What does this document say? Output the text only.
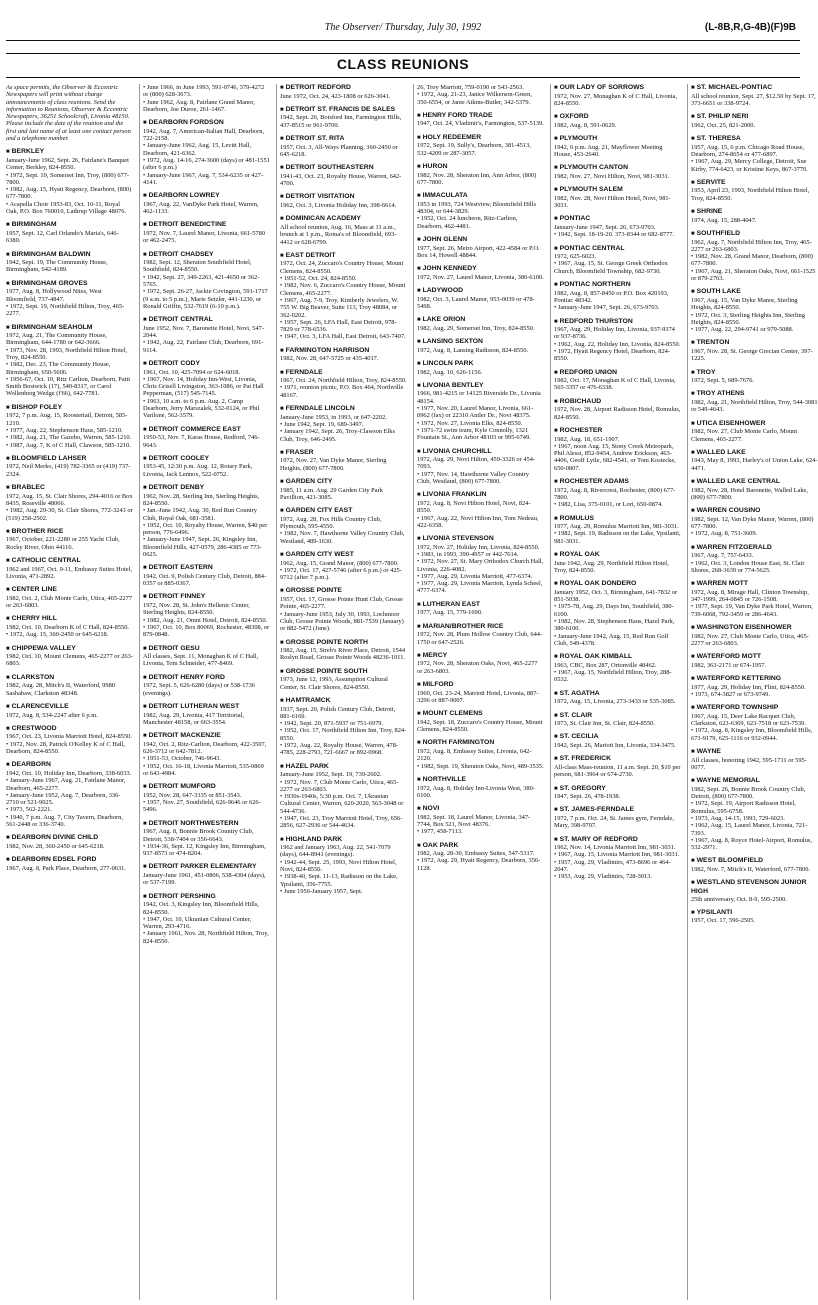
The Observer/ Thursday, July 30, 1992	(L-8B,R,G-4B)(F)9B
CLASS REUNIONS
As space permits, the Observer & Eccentric Newspapers will print without charge announcements of class reunions. Send the information to Reunions, Observer & Eccentric Newspapers, 36251 Schoolcraft, Livonia 48150. Please include the date of the reunion and the first and last name of at least one contact person and a telephone number.
■ BERKLEY
January-June 1962, Sept. 26, Fairlane's Banquet Center, Berkley, 824-8550.
• 1972, Sept. 19, Somerset Inn, Troy, (800) 677-7800.
• 1982, Aug. 15, Hyatt Regency, Dearborn, (800) 677-7800.
• Acapella Choir 1953-83, Oct. 10-11, Royal Oak, P.O. Box 760010, Lathrup Village 48076.
■ BIRMINGHAM
1957, Sept. 12, Carl Orlando's Maria's, 646-6380.
■ BIRMINGHAM BALDWIN
1942, Sept. 19, The Community House, Birmingham, 642-4189.
■ BIRMINGHAM GROVES
1977, Aug. 8, Hollywood Nites, West Bloomfield, 737-4847.
• 1972, Sept. 19, Northfield Hilton, Troy, 465-2277.
■ BIRMINGHAM SEAHOLM
1972, Aug. 21, The Community House, Birmingham, 644-1780 or 642-3666.
• 1973, Nov. 28, 1993, Northfield Hilton Hotel, Troy, 824-8550.
• 1982, Dec. 23, The Community House, Birmingham, 650-5606.
• 1956-67, Oct. 10, Ritz Carlton, Dearborn, Patti Smith Bostwick (17), 540-8317, or Carol Wollenberg Wedge (f'66), 642-7781.
■ BISHOP FOLEY
1972, 7 p.m. Aug. 15, Roostertail, Detroit, 585-1210.
• 1977, Aug. 22, Stephenson Haus, 585-1210.
• 1982, Aug. 21, The Gazebo, Warren, 585-1210.
• 1987, Aug. 7, K of C Hall, Clawson, 585-1210.
■ BLOOMFIELD LAHSER
1972, Neil Merko, (419) 782-3365 or (419) 737-2324.
■ BRABLEC
1972, Aug. 15, St. Clair Shores, 294-4016 or Box 8435, Roseville 48066.
• 1982, Aug. 29-30, St. Clair Shores, 772-3243 or (519) 258-2502.
■ BROTHER RICE
1967, October, 221-2280 or 255 Yacht Club, Rocky River, Ohio 44116.
■ CATHOLIC CENTRAL
1962 and 1967, Oct. 9-11, Embassy Suites Hotel, Livonia, 471-2892.
■ CENTER LINE
1982, Oct. 2, Club Monte Carlo, Utica, 465-2277 or 263-6803.
■ CHERRY HILL
1982, Oct. 10, Dearborn K of C Hall, 824-8550.
• 1972, Aug. 15, 360-2450 or 645-6218.
■ CHIPPEWA VALLEY
1982, Oct. 10, Mount Clemens, 465-2277 or 263-6803.
■ CLARKSTON
1982, Aug. 28, Mitch's II, Waterford, 9980 Sashabaw, Clarkston 48348.
■ CLARENCEVILLE
1972, Aug. 8, 534-2247 after 6 p.m.
■ CRESTWOOD
1967, Oct. 23, Livonia Marriott Hotel, 824-8550.
• 1972, Nov. 28, Patrick O'Kelley K of C Hall, Dearborn, 824-8550.
■ DEARBORN
1942, Oct. 10, Holiday Inn, Dearborn, 338-6033.
• January-June 1967, Aug. 21, Fairlane Manor, Dearborn, 465-2277.
• January-June 1952, Aug. 7, Dearborn, 336-2710 or 521-9025.
• 1973, 562-2221.
• 1940, 7 p.m. Aug. 7, City Tavern, Dearborn, 561-2448 or 336-3740.
■ DEARBORN DIVINE CHILD
1982, Nov. 28, 360-2450 or 645-6218.
■ DEARBORN EDSEL FORD
1967, Aug. 8, Park Place, Dearborn, 277-0631.
• June 1966, in June 1993, 591-0746, 379-4272 or (800) 628-3673.
• June 1962, Aug. 8, Fairlane Grand Manor, Dearborn, Joe Duroe, 261-1467.
■ DEARBORN FORDSON
1942, Aug. 7, American-Italian Hall, Dearborn, 722-2158.
• January-June 1962, Aug. 15, Levitt Hall, Dearborn, 421-6362.
• 1972, Aug. 14-16, 274-3600 (days) or 481-1551 (after 6 p.m.)
• January-June 1967, Aug. 7, 534-6235 or 427-4141.
■ DEARBORN LOWREY
1967, Aug. 22, VanDyke Park Hotel, Warren, 462-1133.
■ DETROIT BENEDICTINE
1972, Nov. 7, Laurel Manor, Livonia, 661-5780 or 462-2475.
■ DETROIT CHADSEY
1982, Sept. 12, Sheraton Southfield Hotel, Southfield, 824-8550.
• 1942, Sept. 27, 349-2263, 421-4650 or 362-5765.
• 1972, Sept. 26-27, Jackie Covington, 591-1717 (9 a.m. to 5 p.m.), Marie Setzler, 441-1230, or Ronald Griffin, 532-7619 (6-10 p.m.).
■ DETROIT CENTRAL
June 1952, Nov. 7, Baronette Hotel, Novi, 547-2044.
• 1942, Aug. 22, Fairlane Club, Dearborn, 691-9114.
■ DETROIT CODY
1961, Oct. 10, 425-7094 or 624-6018.
• 1967, Nov. 14, Holiday Inn-West, Livonia, Chris Grisell Livingston, 363-1086, or Pat Hall Pepperman, (517) 545-7145.
• 1963, 10 a.m. to 6 p.m. Aug. 2, Camp Dearborn, Jerry Marszalek, 532-0124, or Phil Varilone, 562-3579.
■ DETROIT COMMERCE EAST
1950-53, Nov. 7, Karas House, Redford, 746-9643.
■ DETROIT COOLEY
1953-45, 12:30 p.m. Aug. 12, Rotary Park, Livonia, Jack Lennox, 522-0752.
■ DETROIT DENBY
1962, Nov. 28, Sterling Inn, Sterling Heights, 824-8550.
• Jan.-June 1942, Aug. 30, Red Run Country Club, Royal Oak, 681-3581.
• 1952, Oct. 10, Royalty House, Warren, $40 per person, 776-6496.
• January-June 1947, Sept. 26, Kingsley Inn, Bloomfield Hills, 427-0579, 286-4385 or 773-0625.
■ DETROIT EASTERN
1942, Oct. 9, Polish Century Club, Detroit, 884-0357 or 885-0367.
■ DETROIT FINNEY
1972, Nov. 28, St. John's Hellenic Center, Sterling Heights, 824-8550.
• 1982, Aug. 21, Omni Hotel, Detroit, 824-8550.
• 1967, Oct. 10, Box 80069, Rochester, 48308, or 879-0848.
■ DETROIT GESU
All classes, Sept. 11, Monaghan K of C Hall, Livonia, Tom Schneider, 477-8469.
■ DETROIT HENRY FORD
1972, Sept. 5, 626-6280 (days) or 538-1736 (evenings).
■ DETROIT LUTHERAN WEST
1982, Aug. 29, Livonia, 417 Territorial, Manchester 48158, or 663-3554.
■ DETROIT MACKENZIE
1942, Oct. 2, Ritz-Carlton, Dearborn, 422-3507, 626-3712 or 642-7812.
• 1951-53, October, 746-9643.
• 1952, Oct. 16-18, Livonia Marriott, 535-0869 or 643-4984.
■ DETROIT MUMFORD
1952, Nov. 28, 647-3335 or 851-3543.
• 1957, Nov. 27, Southfield, 626-9646 or 626-5496.
■ DETROIT NORTHWESTERN
1967, Aug. 8, Bonnie Brook Country Club, Detroit, 538-7404 or 356-6643.
• 1934-36, Sept. 12, Kingsley Inn, Birmingham, 937-8573 or 474-8204.
■ DETROIT PARKER ELEMENTARY
January-June 1961, 451-0806, 538-4304 (days), or 537-7199.
■ DETROIT PERSHING
1942, Oct. 3, Kingsley Inn, Bloomfield Hills, 824-8550.
• 1947, Oct. 10, Ukranian Cultural Center, Warren, 293-4716.
• January 1961, Nov. 28, Northfield Hilton, Troy, 824-8550.
■ DETROIT REDFORD
June 1972, Oct. 24, 423-1808 or 626-3041.
■ DETROIT ST. FRANCIS DE SALES
1942, Sept. 26, Botsford Inn, Farmington Hills, 437-8515 or 961-9700.
■ DETROIT ST. RITA
1957, Oct. 3, All-Ways Planning, 360-2450 or 645-6218.
■ DETROIT SOUTHEASTERN
1941-43, Oct. 23, Royalty House, Warren, 642-4700.
■ DETROIT VISITATION
1962, Oct. 3, Livonia Holiday Inn, 398-6614.
■ DOMINICAN ACADEMY
All school reunion, Aug. 16, Mass at 11 a.m., brunch at 1 p.m., Roma's of Bloomfield, 693-4412 or 628-6799.
■ EAST DETROIT
1972, Oct. 24, Zuccaro's Country House, Mount Clemens, 824-8550.
• 1951-52, Oct. 24, 824-8550.
• 1982, Nov. 6, Zuccaro's Country House, Mount Clemens, 465-2277.
• 1967, Aug. 7-9, Troy, Kimberly Jewelers, W. 755 W. Big Beaver, Suite 113, Troy 48084, or 362-0202.
• 1957, Sept. 26, LFA Hall, East Detroit, 978-7829 or 778-6536.
• 1947, Oct. 3, LFA Hall, East Detroit, 643-7407.
■ FARMINGTON HARRISON
1982, Nov. 28, 647-5725 or 435-4017.
■ FERNDALE
1967, Oct. 24, Northfield Hilton, Troy, 824-8550.
• 1971, reunion picnic, P.O. Box 464, Northville 48167.
■ FERNDALE LINCOLN
January-June 1953, in 1993, or 647-2202.
• June 1942, Sept. 19, 689-3497.
• January 1942, Sept. 26, Troy-Clawson Elks Club, Troy, 646-2495.
■ FRASER
1972, Nov. 27, Van Dyke Manor, Sterling Heights, (800) 677-7800.
■ GARDEN CITY
1985, 11 a.m. Aug. 29 Garden City Park Pavillion, 421-3085.
■ GARDEN CITY EAST
1972, Aug. 28, Fox Hills Country Club, Plymouth, 595-4550.
• 1982, Nov. 7, Hawthorne Valley Country Club, Westland, 489-1630.
■ GARDEN CITY WEST
1962, Aug. 15, Grand Manor, (800) 677-7800.
• 1972, Oct. 17, 427-5746 (after 6 p.m.) or 425-9712 (after 7 p.m.).
■ GROSSE POINTE
1957, Oct. 17, Grosse Pointe Hunt Club, Grosse Pointe, 465-2277.
• January-June 1953, July 30, 1993, Lochmoor Club, Grosse Pointe Woods, 881-7539 (January) or 882-5472 (June).
■ GROSSE POINTE NORTH
1982, Aug. 15, Streb's River Place, Detroit, 1544 Roslyn Road, Grosse Pointe Woods 48236-1011.
■ GROSSE POINTE SOUTH
1973, June 12, 1993, Assumption Cultural Center, St. Clair Shores, 824-8550.
■ HAMTRAMCK
1937, Sept. 20, Polish Century Club, Detroit, 881-6169.
• 1942, Sept. 20, 871-5937 or 751-6979.
• 1952, Oct. 17, Northfield Hilton Inn, Troy, 824-8550.
• 1972, Aug. 22, Royalty House, Warren, 478-4785, 228-2793, 721-6667 or 892-0968.
■ HAZEL PARK
January-June 1952, Sept. 19, 739-2602.
• 1972, Nov. 7, Club Monte Carlo, Utica, 465-2277 or 263-6803.
• 1930s-1940s, 5:30 p.m. Oct. 7, Ukranian Cultural Center, Warren, 620-2020, 563-3048 or 544-4736.
• 1947, Oct. 23, Troy Marriott Hotel, Troy, 656-2856, 627-2936 or 544-4634.
■ HIGHLAND PARK
1962 and January 1963, Aug. 22, 541-7079 (days), 644-8941 (evenings).
• 1942-44, Sept. 25, 1993, Novi Hilton Hotel, Novi, 824-8550.
• 1938-40, Sept. 11-13, Radisson on the Lake, Ypsilanti, 356-7755.
• June 1956-January 1957, Sept.
26, Troy Marriott, 759-0190 or 543-2563.
• 1972, Aug. 21-23, Janice Wilkerson-Green, 350-6554, or Janie Atkins-Butler, 342-5379.
■ HENRY FORD TRADE
1947, Oct. 24, Vladimir's, Farmington, 537-5139.
■ HOLY REDEEMER
1972, Sept. 19, Sully's, Dearborn, 381-4513, 532-4209 or 287-3057.
■ HURON
1982, Nov. 28, Sheraton Inn, Ann Arbor, (800) 677-7800.
■ IMMACULATA
1953 in 1993, 724 Westview, Bloomfield Hills 48304, or 644-3829.
• 1952, Oct. 24 luncheon, Ritz-Carlton, Dearborn, 462-4481.
■ JOHN GLENN
1977, Sept. 26, Metro Airport, 422-4584 or P.O. Box 14, Howell 48844.
■ JOHN KENNEDY
1972, Nov. 27, Laurel Manor, Livonia, 380-6100.
■ LADYWOOD
1982, Oct. 3, Laurel Manor, 953-0039 or 478-5498.
■ LAKE ORION
1982, Aug. 29, Somerset Inn, Troy, 824-8550.
■ LANSING SEXTON
1972, Aug. 8, Lansing Radisson, 824-8550.
■ LINCOLN PARK
1982, Aug. 10, 626-1156.
■ LIVONIA BENTLEY
1966, 981-4215 or 14125 Riverside Dr., Livonia 48154.
• 1977, Nov. 20, Laurel Manor, Livonia, 661-0962 (fax) or 22310 Antler Dr., Novi 48375.
• 1972, Nov. 27, Livonia Elks, 824-8550.
• 1971-72 swim team, Kyle Connolly, 1321 Fountain St., Ann Arbor 48103 or 995-6749.
■ LIVONIA CHURCHILL
1972, Aug. 29, Novi Hilton, 459-3326 or 454-7093.
• 1977, Nov. 14, Hawthorne Valley Country Club, Westland, (800) 677-7800.
■ LIVONIA FRANKLIN
1972, Aug. 8, Novi Hilton Hotel, Novi, 824-8550.
• 1967, Aug. 22, Novi Hilton Inn, Tom Nedeau, 422-6358.
■ LIVONIA STEVENSON
1972, Nov. 27, Holiday Inn, Livonia, 824-8550.
• 1983, in 1993, 390-4957 or 442-7614.
• 1972, Nov. 27, St. Mary Orthodox Church Hall, Livonia, 226-4082.
• 1977, Aug. 29, Livonia Marriott, 477-6374.
• 1977, Aug. 29, Livonia Marriott, Lynda Scheel, 4777-6374.
■ LUTHERAN EAST
1977, Aug. 15, 779-1690.
■ MARIAN/BROTHER RICE
1972, Nov. 28, Plum Hollow Country Club, 644-1750 or 647-2526.
■ MERCY
1972, Nov. 28, Sheraton Oaks, Novi, 465-2277 or 263-6803.
■ MILFORD
1960, Oct. 23-24, Marriott Hotel, Livonia, 887-3296 or 887-9007.
■ MOUNT CLEMENS
1942, Sept. 18, Zuccaro's Country House, Mount Clemens, 824-8550.
■ NORTH FARMINGTON
1972, Aug. 8, Embassy Suites, Livonia, 642-2120.
• 1982, Sept. 19, Sheraton Oaks, Novi, 489-3535.
■ NORTHVILLE
1972, Aug. 8, Holiday Inn-Livonia West, 380-6100.
■ NOVI
1982, Sept. 18, Laurel Manor, Livonia, 347-7744, Box 521, Novi 48376.
• 1977, 458-7113.
■ OAK PARK
1982, Aug. 28-30, Embassy Suites, 547-5317.
• 1972, Aug. 29, Hyatt Regency, Dearborn, 356-1128.
■ OUR LADY OF SORROWS
1972, Nov. 27, Monaghan K of C Hall, Livonia, 824-8550.
■ OXFORD
1982, Aug. 8, 591-0629.
■ PLYMOUTH
1942, 6 p.m. Aug. 21, Mayflower Meeting House, 453-2640.
■ PLYMOUTH CANTON
1982, Nov. 27, Novi Hilton, Novi, 981-3031.
■ PLYMOUTH SALEM
1982, Nov. 28, Novi Hilton Hotel, Novi, 981-3031.
■ PONTIAC
January-June 1947, Sept. 26, 673-9703.
• 1942, Sept. 18-19-20. 373-8344 or 682-8777.
■ PONTIAC CENTRAL
1972, 625-6023.
• 1967, Aug. 15, St. George Greek Orthodox Church, Bloomfield Township, 682-9730.
■ PONTIAC NORTHERN
1982, Aug. 8, 857-8450 or P.O. Box 420193, Pontiac 48342.
• January-June 1947, Sept. 26, 673-9703.
■ REDFORD THURSTON
1967, Aug. 29, Holiday Inn, Livonia, 937-9374 or 937-8736.
• 1962, Aug. 22, Holiday Inn, Livonia, 824-8550.
• 1972, Hyatt Regency Hotel, Dearborn, 824-8550.
■ REDFORD UNION
1982, Oct. 17, Monaghan K of C Hall, Livonia, 565-3357 or 476-6338.
■ ROBICHAUD
1972, Nov. 28, Airport Radisson Hotel, Romulus, 824-8550.
■ ROCHESTER
1982, Aug. 18, 651-1907.
• 1967, noon Aug. 15, Stony Creek Metropark, Phil Alessi, 852-9454, Andrew Erickson, 463-4406, Geoff Lytle, 682-4541, or Tom Kostecke, 650-0807.
■ ROCHESTER ADAMS
1972, Aug. 8, Rivercrest, Rochester, (800) 677-7800.
• 1982, Lisa, 375-0101, or Lori, 650-0874.
■ ROMULUS
1977, Aug. 29, Romulus Marriott Inn, 981-3031.
• 1982, Sept. 19, Radisson on the Lake, Ypsilanti, 981-3031.
■ ROYAL OAK
June 1942, Aug. 29, Northfield Hilton Hotel, Troy, 824-8550.
■ ROYAL OAK DONDERO
January 1952, Oct. 3, Birmingham, 641-7832 or 851-5038.
• 1975-78, Aug. 29, Days Inn, Southfield, 380-6100.
• 1982, Nov. 28, Stephenson Haus, Hazel Park, 380-6100.
• January-June 1942, Aug. 15, Red Run Golf Club, 549-4378.
■ ROYAL OAK KIMBALL
1963, CBC, Box 287, Ortonville 48462.
• 1967, Aug. 15, Northfield Hilton, Troy, 288-0532.
■ ST. AGATHA
1972, Aug. 15, Livonia, 273-3433 or 535-3085.
■ ST. CLAIR
1973, St. Clair Inn, St. Clair, 824-8550.
■ ST. CECILIA
1942, Sept. 26, Mariott Inn, Livonia, 334-3475.
■ ST. FREDERICK
All-class Mass-reunion, 11 a.m. Sept. 20, $10 per person, 681-3964 or 674-2730.
■ ST. GREGORY
1947, Sept. 26, 478-1938.
■ ST. JAMES-FERNDALE
1972, 7 p.m. Oct. 24, St. James gym, Ferndale, Mary, 398-9707.
■ ST. MARY OF REDFORD
1962, Nov. 14, Livonia Marriott Inn, 981-3031.
• 1967, Aug. 15, Livonia Marriott Inn, 981-3031.
• 1957, Aug. 29, Vladimirs, 473-8696 or 464-2047.
• 1953, Aug. 29, Vladimirs, 728-3013.
■ ST. MICHAEL-PONTIAC
All school reunion, Sept. 27, $12.50 by Sept. 17, 373-6651 or 338-9724.
■ ST. PHILIP NERI
1962, Oct. 25, 821-2000.
■ ST. THERESA
1957, Aug. 15, 6 p.m. Chicago Road House, Dearborn, 274-8654 or 477-6897.
• 1967, Aug. 29, Mercy College, Detroit, Sue Kirby, 774-6423, or Kristine Keys, 867-3770.
■ SERVITE
1953, April 23, 1993, Northfield Hilton Hotel, Troy, 824-8550.
■ SHRINE
1974, Aug. 15, 288-4047.
■ SOUTHFIELD
1962, Aug. 7, Northfield Hilton Inn, Troy, 465-2277 or 263-6803.
• 1982, Nov. 28, Grand Manor, Dearborn, (800) 677-7800.
• 1967, Aug. 21, Sheraton Oaks, Novi, 661-1525 or 879-2763.
■ SOUTH LAKE
1967, Aug. 15, Van Dyke Manor, Sterling Heights, 824-8550.
• 1972, Oct. 3, Sterling Heights Inn, Sterling Heights, 824-8550.
• 1977, Aug. 22, 294-9741 or 979-5088.
■ TRENTON
1967, Nov. 28, St. George Grecian Center, 397-1225.
■ TROY
1972, Sept. 5, 689-7676.
■ TROY ATHENS
1982, Aug. 21, Northfield Hilton, Troy, 544-3081 or 549-4643.
■ UTICA EISENHOWER
1982, Nov. 27, Club Monte Carlo, Mount Clemens, 465-2277.
■ WALLED LAKE
1943, May 8, 1993, Harley's of Union Lake, 624-4471.
■ WALLED LAKE CENTRAL
1982, Nov. 28, Hotel Baronette, Walled Lake, (800) 677-7800.
■ WARREN COUSINO
1982, Sept. 12, Van Dyke Manor, Warren, (800) 677-7800.
• 1972, Aug. 8, 751-3609.
■ WARREN FITZGERALD
1967, Aug. 7, 757-6433.
• 1962, Oct. 3, London House East, St. Clair Shores, 268-3639 or 774-5625.
■ WARREN MOTT
1972, Aug. 8, Mirage Hall, Clinton Township, 347-1999, 264-0845 or 726-1508.
• 1977, Sept. 19, Van Dyke Park Hotel, Warren, 739-6068, 792-3459 or 286-4643.
■ WASHINGTON EISENHOWER
1982, Nov. 27, Club Monte Carlo, Utica, 465-2277 or 263-6803.
■ WATERFORD MOTT
1982, 363-2171 or 674-1957.
■ WATERFORD KETTERING
1977, Aug. 29, Holiday Inn, Flint, 824-8550.
• 1973, 674-3827 or 673-9749.
■ WATERFORD TOWNSHIP
1967, Aug. 15, Deer Lake Racquet Club, Clarkston, 623-6369, 623-7518 or 623-7539.
• 1972, Aug. 8, Kingsley Inn, Bloomfield Hills, 673-9179, 625-1116 or 932-0944.
■ WAYNE
All classes, honoring 1942, 595-1711 or 595-0077.
■ WAYNE MEMORIAL
1982, Sept. 26, Bonnie Brook Country Club, Detroit, (800) 677-7800.
• 1972, Sept. 19, Airport Radisson Hotel, Romulus, 595-6758.
• 1973, Aug. 14-15, 1993, 729-6023.
• 1962, Aug. 15, Laurel Manor, Livonia, 721-7393.
• 1967, Aug. 8, Royce Hotel-Airport, Romulus, 532-2971.
■ WEST BLOOMFIELD
1982, Nov. 7, Mitch's II, Waterford, 677-7800.
■ WESTLAND STEVENSON JUNIOR HIGH
25th anniversary, Oct. 8-9, 595-2500.
■ YPSILANTI
1957, Oct. 17, 596-2505.
